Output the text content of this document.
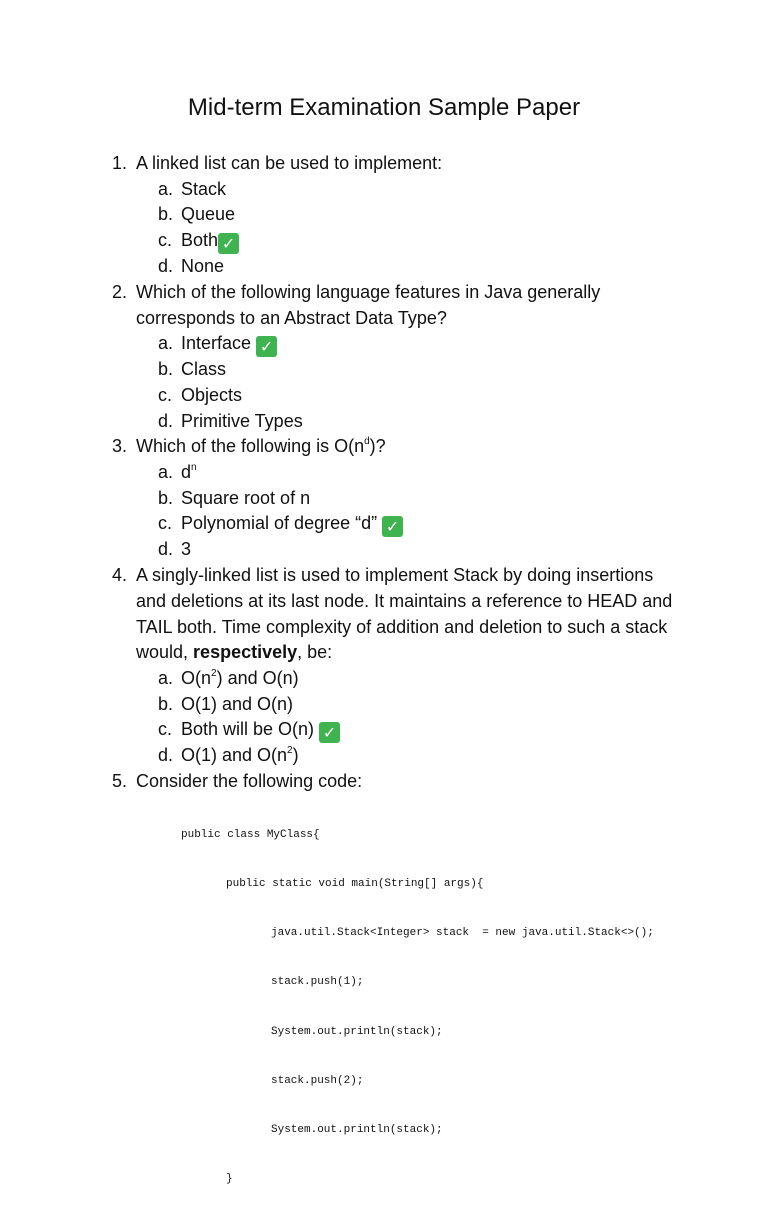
Mid-term Examination Sample Paper
1. A linked list can be used to implement:
a. Stack
b. Queue
c. Both ✓
d. None
2. Which of the following language features in Java generally corresponds to an Abstract Data Type?
a. Interface ✓
b. Class
c. Objects
d. Primitive Types
3. Which of the following is $O(n^d)$?
a. $d^n$
b. Square root of n
c. Polynomial of degree “d” ✓
d. 3
4. A singly-linked list is used to implement Stack by doing insertions and deletions at its last node. It maintains a reference to HEAD and TAIL both. Time complexity of addition and deletion to such a stack would, respectively, be:
a. $O(n^2)$ and O(n)
b. O(1) and O(n)
c. Both will be O(n) ✓
d. O(1) and $O(n^2)$
5. Consider the following code:

public class MyClass{

public static void main(String[] args){

java.util.Stack<Integer> stack  = new java.util.Stack<>();

stack.push(1);

System.out.println(stack);

stack.push(2);

System.out.println(stack);

}
